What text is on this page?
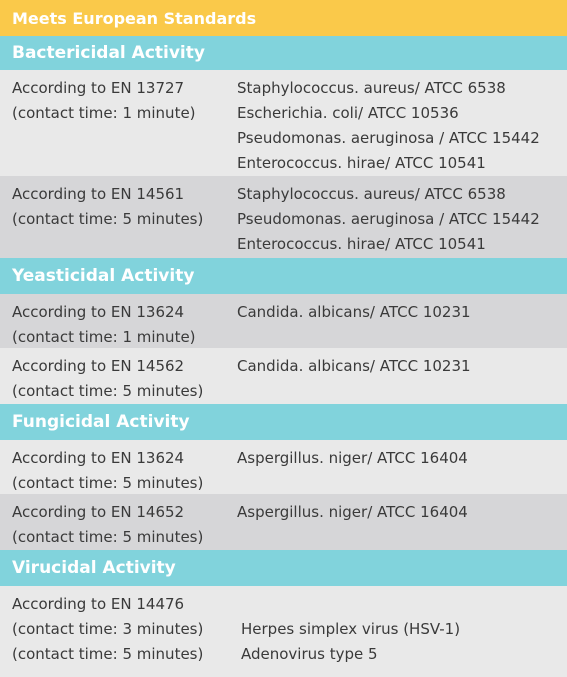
Meets European Standards
Bactericidal Activity
According to EN 13727
(contact time: 1 minute)
Staphylococcus. aureus/ ATCC 6538
Escherichia. coli/ ATCC 10536
Pseudomonas. aeruginosa / ATCC 15442
Enterococcus. hirae/ ATCC 10541
According to EN 14561
(contact time: 5 minutes)
Staphylococcus. aureus/ ATCC 6538
Pseudomonas. aeruginosa / ATCC 15442
Enterococcus. hirae/ ATCC 10541
Yeasticidal Activity
According to EN 13624
(contact time: 1 minute)
Candida. albicans/ ATCC 10231
According to EN 14562
(contact time: 5 minutes)
Candida. albicans/ ATCC 10231
Fungicidal Activity
According to EN 13624
(contact time: 5 minutes)
Aspergillus. niger/ ATCC 16404
According to EN 14652
(contact time: 5 minutes)
Aspergillus. niger/ ATCC 16404
Virucidal Activity
According to EN 14476
(contact time: 3 minutes)
(contact time: 5 minutes)

Herpes simplex virus (HSV-1)
Adenovirus type 5
